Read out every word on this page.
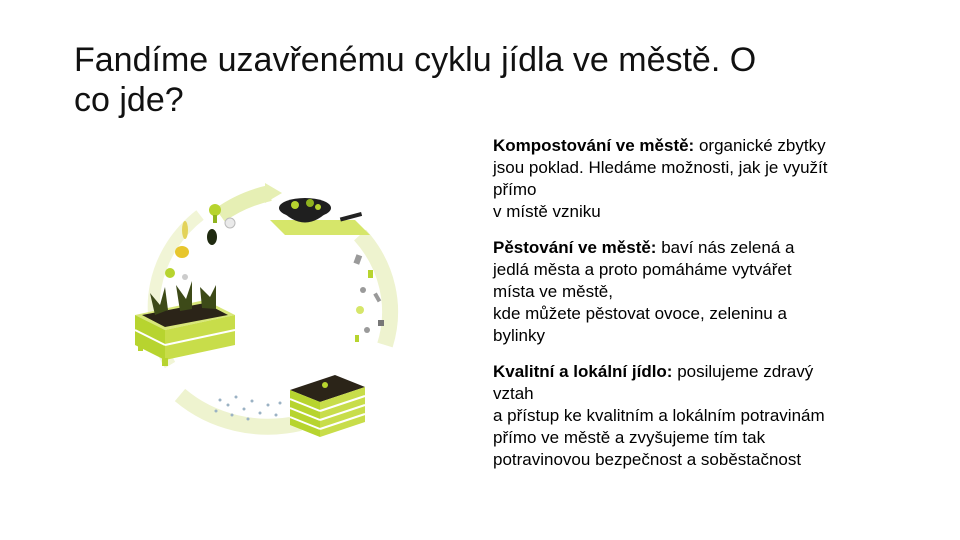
Fandíme uzavřenému cyklu jídla ve městě. O
co jde?

Kompostování ve městě: organické zbytky
jsou poklad. Hledáme možnosti, jak je využít
přímo
v místě vzniku

Pěstování ve městě: baví nás zelená a
jedlá města a proto pomáháme vytvářet
místa ve městě,
kde můžete pěstovat ovoce, zeleninu a
bylinky

Kvalitní a lokální jídlo: posilujeme zdravý
vztah
a přístup ke kvalitním a lokálním potravinám
přímo ve městě a zvyšujeme tím tak
potravinovou bezpečnost a soběstačnost
